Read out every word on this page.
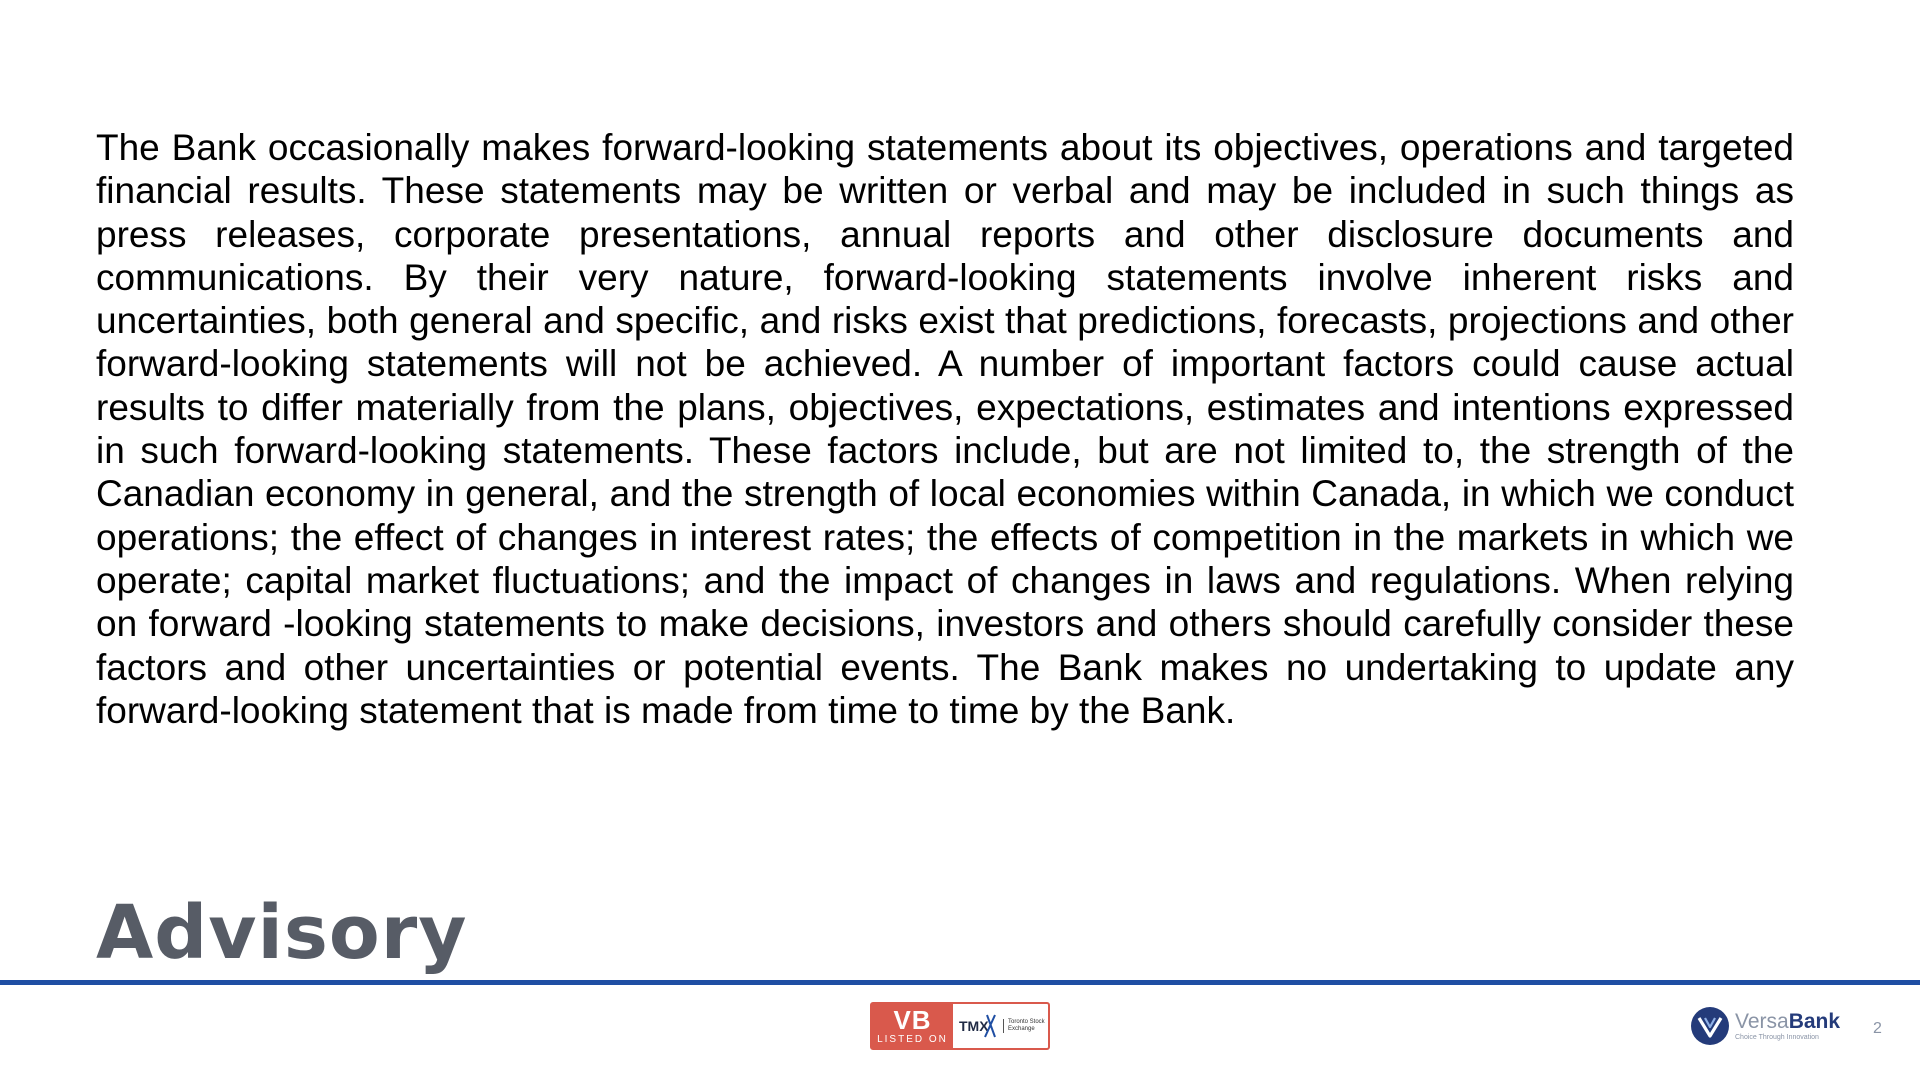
The Bank occasionally makes forward-looking statements about its objectives, operations and targeted financial results. These statements may be written or verbal and may be included in such things as press releases, corporate presentations, annual reports and other disclosure documents and communications. By their very nature, forward-looking statements involve inherent risks and uncertainties, both general and specific, and risks exist that predictions, forecasts, projections and other forward-looking statements will not be achieved. A number of important factors could cause actual results to differ materially from the plans, objectives, expectations, estimates and intentions expressed in such forward-looking statements. These factors include, but are not limited to, the strength of the Canadian economy in general, and the strength of local economies within Canada, in which we conduct operations; the effect of changes in interest rates; the effects of competition in the markets in which we operate; capital market fluctuations; and the impact of changes in laws and regulations. When relying on forward -looking statements to make decisions, investors and others should carefully consider these factors and other uncertainties or potential events. The Bank makes no undertaking to update any forward-looking statement that is made from time to time by the Bank.

Advisory
VB
LISTED ON
TMX	Toronto Stock Exchange	VersaBank
Choice Through Innovation	2
